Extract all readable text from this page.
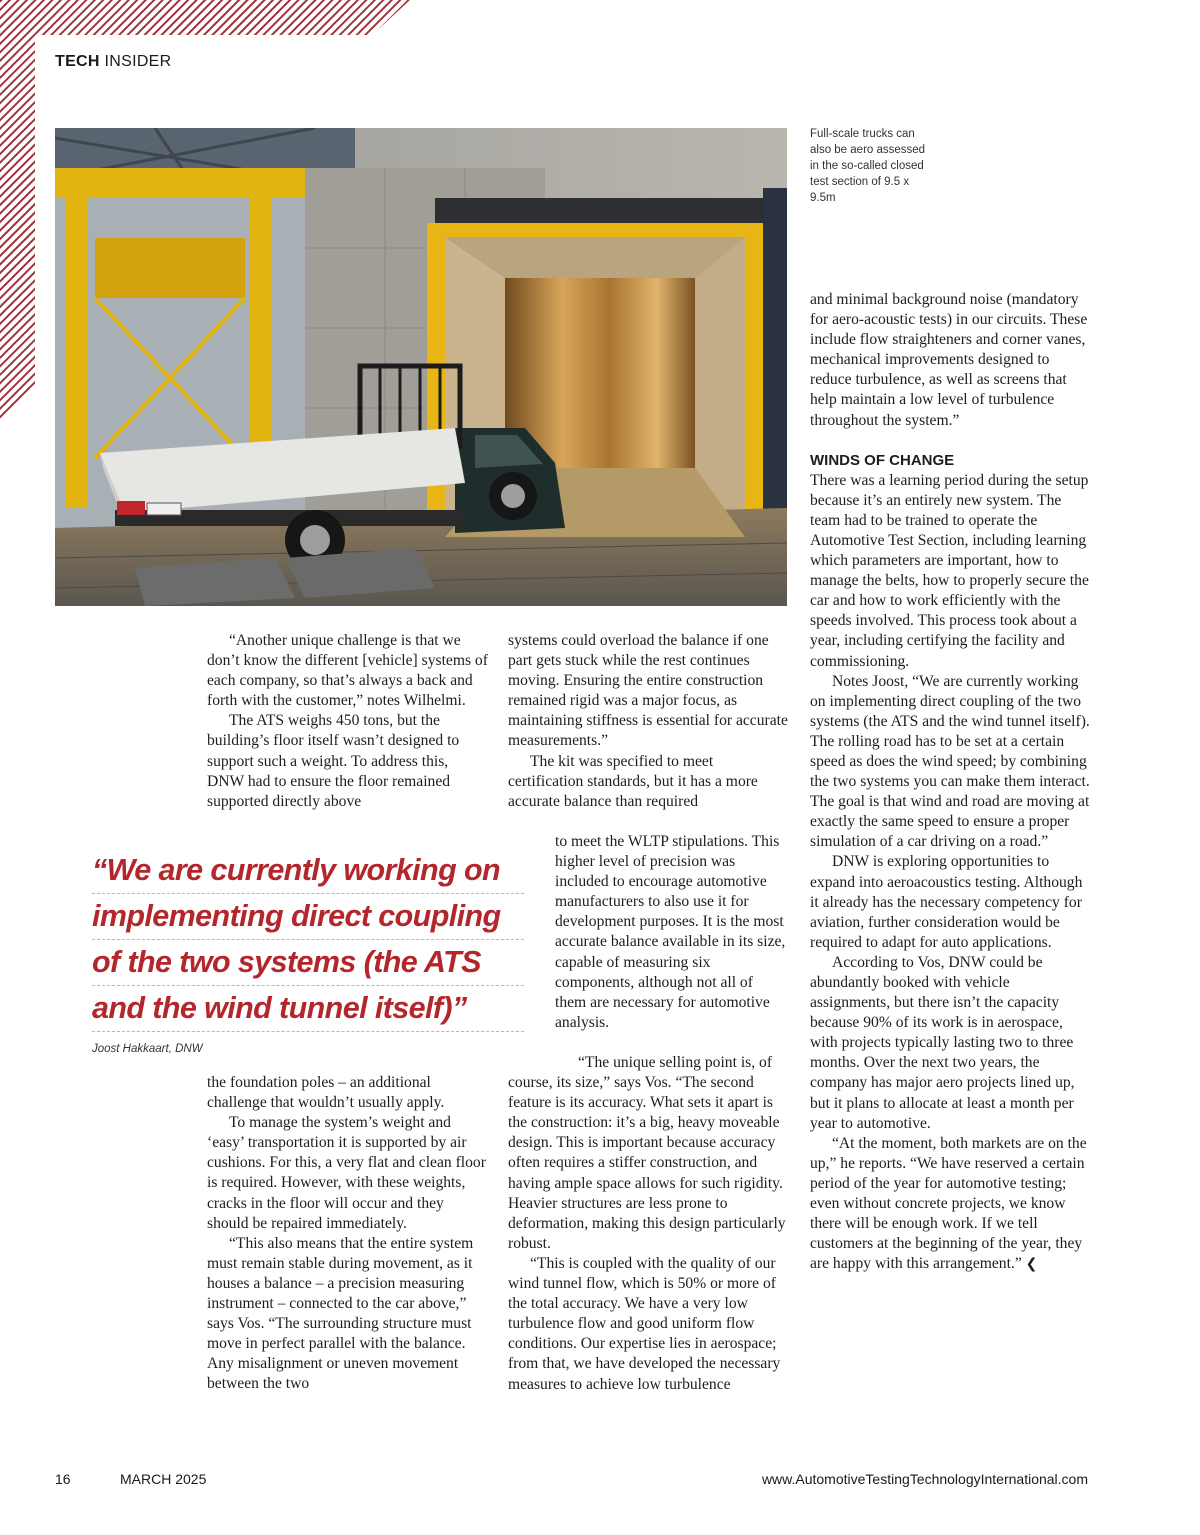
TECH INSIDER
Full-scale trucks can also be aero assessed in the so-called closed test section of 9.5 x 9.5m

“Another unique challenge is that we don’t know the different [vehicle] systems of each company, so that’s always a back and forth with the customer,” notes Wilhelmi.

The ATS weighs 450 tons, but the building’s floor itself wasn’t designed to support such a weight. To address this, DNW had to ensure the floor remained supported directly above

“We are currently working on
implementing direct coupling
of the two systems (the ATS
and the wind tunnel itself)”
Joost Hakkaart, DNW

the foundation poles – an additional challenge that wouldn’t usually apply.

To manage the system’s weight and ‘easy’ transportation it is supported by air cushions. For this, a very flat and clean floor is required. However, with these weights, cracks in the floor will occur and they should be repaired immediately.

“This also means that the entire system must remain stable during movement, as it houses a balance – a precision measuring instrument – connected to the car above,” says Vos. “The surrounding structure must move in perfect parallel with the balance. Any misalignment or uneven movement between the two

systems could overload the balance if one part gets stuck while the rest continues moving. Ensuring the entire construction remained rigid was a major focus, as maintaining stiffness is essential for accurate measurements.”

The kit was specified to meet certification standards, but it has a more accurate balance than required

to meet the WLTP stipulations. This higher level of precision was included to encourage automotive manufacturers to also use it for development purposes. It is the most accurate balance available in its size, capable of measuring six components, although not all of them are necessary for automotive analysis.

“The unique selling point is, of course, its size,” says Vos. “The second feature is its accuracy. What sets it apart is the construction: it’s a big, heavy moveable design. This is important because accuracy often requires a stiffer construction, and having ample space allows for such rigidity. Heavier structures are less prone to deformation, making this design particularly robust.

“This is coupled with the quality of our wind tunnel flow, which is 50% or more of the total accuracy. We have a very low turbulence flow and good uniform flow conditions. Our expertise lies in aerospace; from that, we have developed the necessary measures to achieve low turbulence

and minimal background noise (mandatory for aero-acoustic tests) in our circuits. These include flow straighteners and corner vanes, mechanical improvements designed to reduce turbulence, as well as screens that help maintain a low level of turbulence throughout the system.”

WINDS OF CHANGE

There was a learning period during the setup because it’s an entirely new system. The team had to be trained to operate the Automotive Test Section, including learning which parameters are important, how to manage the belts, how to properly secure the car and how to work efficiently with the speeds involved. This process took about a year, including certifying the facility and commissioning.

Notes Joost, “We are currently working on implementing direct coupling of the two systems (the ATS and the wind tunnel itself). The rolling road has to be set at a certain speed as does the wind speed; by combining the two systems you can make them interact. The goal is that wind and road are moving at exactly the same speed to ensure a proper simulation of a car driving on a road.”

DNW is exploring opportunities to expand into aeroacoustics testing. Although it already has the necessary competency for aviation, further consideration would be required to adapt for auto applications.

According to Vos, DNW could be abundantly booked with vehicle assignments, but there isn’t the capacity because 90% of its work is in aerospace, with projects typically lasting two to three months. Over the next two years, the company has major aero projects lined up, but it plans to allocate at least a month per year to automotive.

“At the moment, both markets are on the up,” he reports. “We have reserved a certain period of the year for automotive testing; even without concrete projects, we know there will be enough work. If we tell customers at the beginning of the year, they are happy with this arrangement.” ❮

16	MARCH 2025	www.AutomotiveTestingTechnologyInternational.com
